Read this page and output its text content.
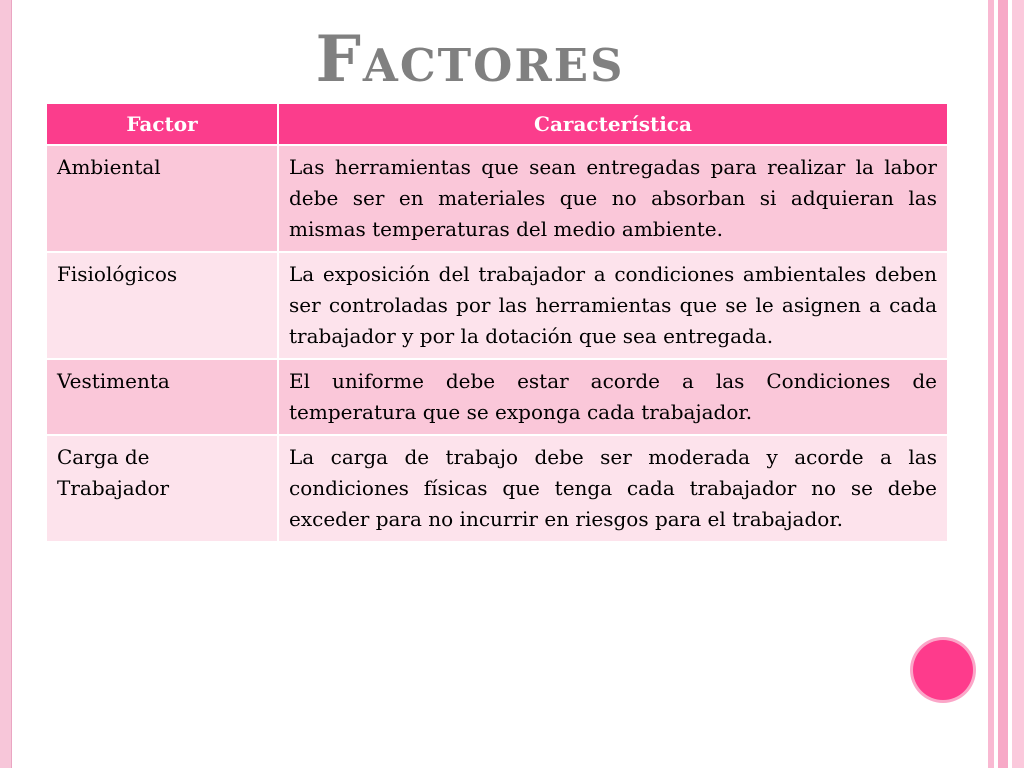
Factores
Factor	Característica
Ambiental	Las herramientas que sean entregadas para realizar la labor debe ser en materiales que no absorban si adquieran las mismas temperaturas del medio ambiente.
Fisiológicos	La exposición del trabajador a condiciones ambientales deben ser controladas por las herramientas que se le asignen a cada trabajador y por la dotación que sea entregada.
Vestimenta	El uniforme debe estar acorde a las Condiciones de temperatura que se exponga cada trabajador.
Carga de Trabajador	La carga de trabajo debe ser moderada y acorde a las condiciones físicas que tenga cada trabajador no se debe exceder para no incurrir en riesgos para el trabajador.
